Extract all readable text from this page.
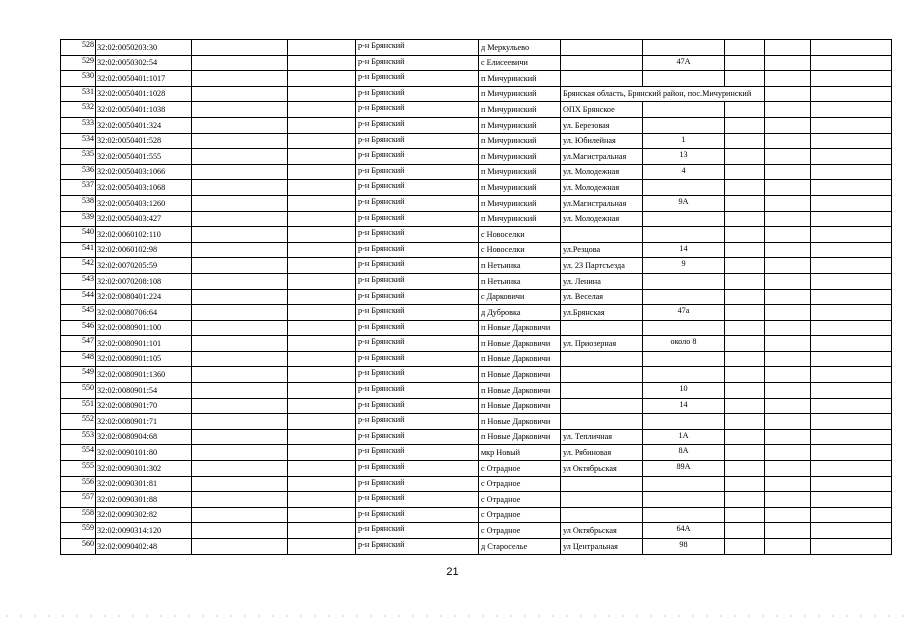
528	32:02:0050203:30			р-н Брянский	д Меркульево					
529	32:02:0050302:54			р-н Брянский	с Елисеевичи		47А			
530	32:02:0050401:1017			р-н Брянский	п Мичуринский					
531	32:02:0050401:1028			р-н Брянский	п Мичуринский	Брянская область, Брянский район, пос.Мичуринский				
532	32:02:0050401:1038			р-н Брянский	п Мичуринский	ОПХ Брянское				
533	32:02:0050401:324			р-н Брянский	п Мичуринский	ул. Березовая				
534	32:02:0050401:528			р-н Брянский	п Мичуринский	ул. Юбилейная	1			
535	32:02:0050401:555			р-н Брянский	п Мичуринский	ул.Магистральная	13			
536	32:02:0050403:1066			р-н Брянский	п Мичуринский	ул. Молодежная	4			
537	32:02:0050403:1068			р-н Брянский	п Мичуринский	ул. Молодежная				
538	32:02:0050403:1260			р-н Брянский	п Мичуринский	ул.Магистральная	9А			
539	32:02:0050403:427			р-н Брянский	п Мичуринский	ул. Молодежная				
540	32:02:0060102:110			р-н Брянский	с Новоселки					
541	32:02:0060102:98			р-н Брянский	с Новоселки	ул.Резцова	14			
542	32:02:0070205:59			р-н Брянский	п Нетьинка	ул. 23 Партсъезда	9			
543	32:02:0070208:108			р-н Брянский	п Нетьинка	ул. Ленина				
544	32:02:0080401:224			р-н Брянский	с Дарковичи	ул. Веселая				
545	32:02:0080706:64			р-н Брянский	д Дубровка	ул.Брянская	47а			
546	32:02:0080901:100			р-н Брянский	п Новые Дарковичи					
547	32:02:0080901:101			р-н Брянский	п Новые Дарковичи	ул. Приозерная	около 8			
548	32:02:0080901:105			р-н Брянский	п Новые Дарковичи					
549	32:02:0080901:1360			р-н Брянский	п Новые Дарковичи					
550	32:02:0080901:54			р-н Брянский	п Новые Дарковичи		10			
551	32:02:0080901:70			р-н Брянский	п Новые Дарковичи		14			
552	32:02:0080901:71			р-н Брянский	п Новые Дарковичи					
553	32:02:0080904:68			р-н Брянский	п Новые Дарковичи	ул. Тепличная	1А			
554	32:02:0090101:80			р-н Брянский	мкр Новый	ул. Рябиновая	8А			
555	32:02:0090301:302			р-н Брянский	с Отрадное	ул Октябрьская	89А			
556	32:02:0090301:81			р-н Брянский	с Отрадное					
557	32:02:0090301:88			р-н Брянский	с Отрадное					
558	32:02:0090302:82			р-н Брянский	с Отрадное					
559	32:02:0090314:120			р-н Брянский	с Отрадное	ул Октябрьская	64А			
560	32:02:0090402:48			р-н Брянский	д Староселье	ул Центральная	98			
21
